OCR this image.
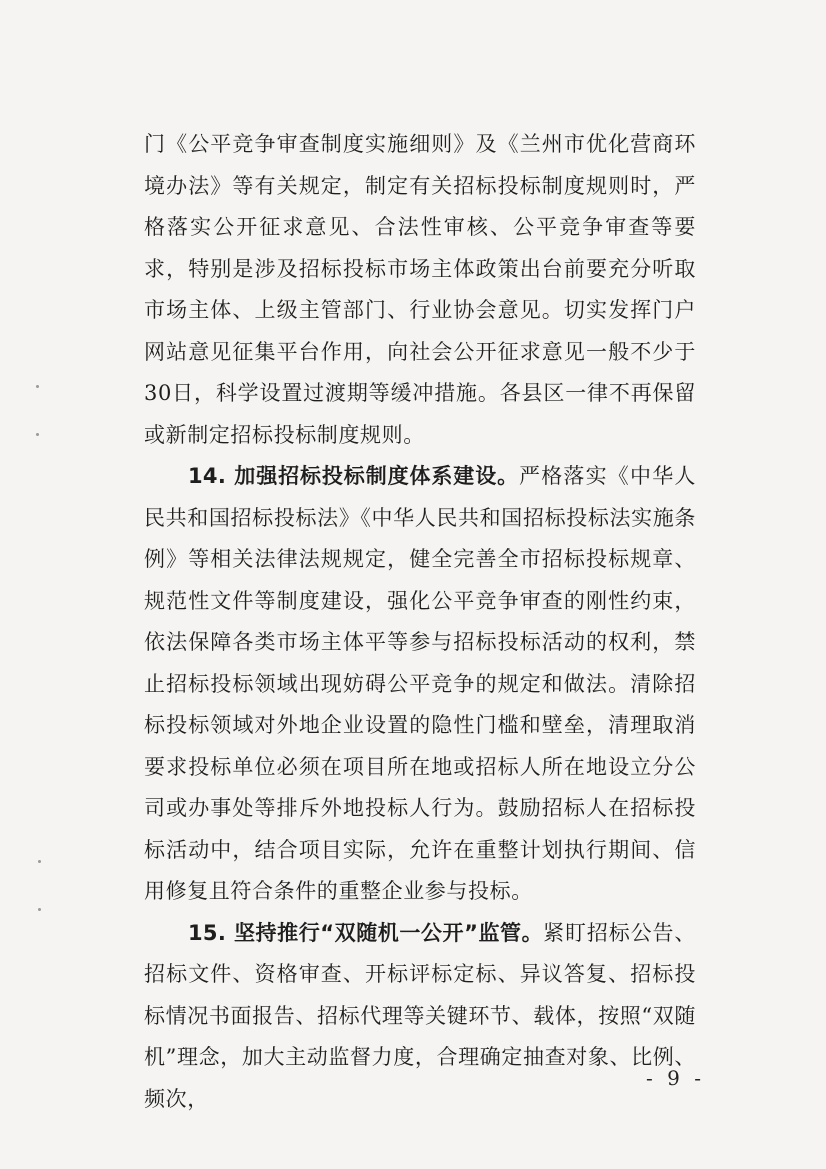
门《公平竞争审查制度实施细则》及《兰州市优化营商环境办法》等有关规定，制定有关招标投标制度规则时，严格落实公开征求意见、合法性审核、公平竞争审查等要求，特别是涉及招标投标市场主体政策出台前要充分听取市场主体、上级主管部门、行业协会意见。切实发挥门户网站意见征集平台作用，向社会公开征求意见一般不少于30日，科学设置过渡期等缓冲措施。各县区一律不再保留或新制定招标投标制度规则。

14. 加强招标投标制度体系建设。严格落实《中华人民共和国招标投标法》《中华人民共和国招标投标法实施条例》等相关法律法规规定，健全完善全市招标投标规章、规范性文件等制度建设，强化公平竞争审查的刚性约束，依法保障各类市场主体平等参与招标投标活动的权利，禁止招标投标领域出现妨碍公平竞争的规定和做法。清除招标投标领域对外地企业设置的隐性门槛和壁垒，清理取消要求投标单位必须在项目所在地或招标人所在地设立分公司或办事处等排斥外地投标人行为。鼓励招标人在招标投标活动中，结合项目实际，允许在重整计划执行期间、信用修复且符合条件的重整企业参与投标。

15. 坚持推行“双随机一公开”监管。紧盯招标公告、招标文件、资格审查、开标评标定标、异议答复、招标投标情况书面报告、招标代理等关键环节、载体，按照“双随机”理念，加大主动监督力度，合理确定抽查对象、比例、频次，

- 9 -
